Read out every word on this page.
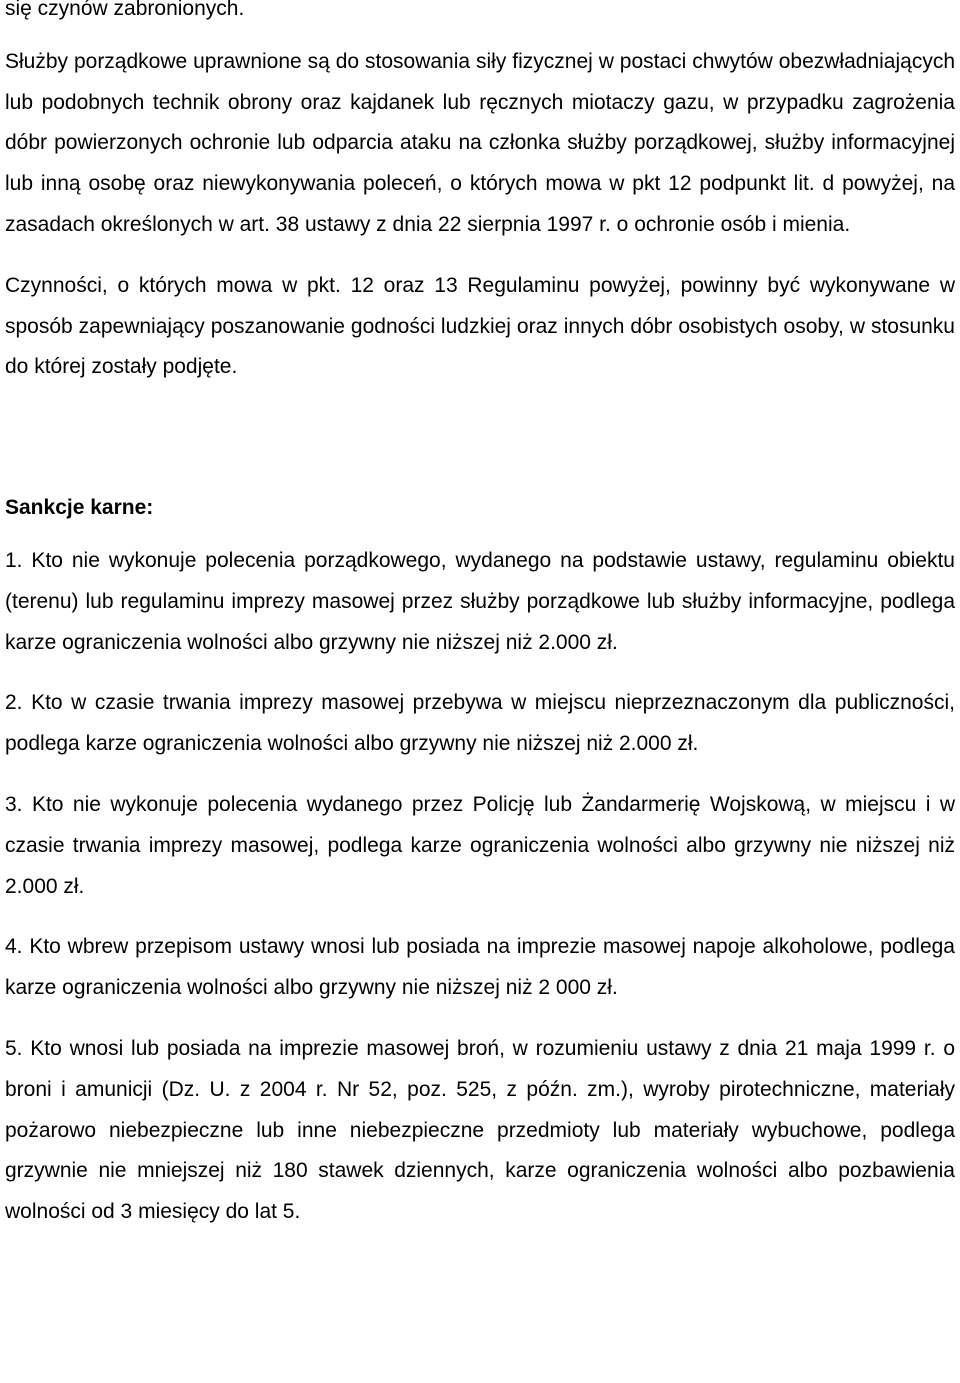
się czynów zabronionych.

Służby porządkowe uprawnione są do stosowania siły fizycznej w postaci chwytów obezwładniających lub podobnych technik obrony oraz kajdanek lub ręcznych miotaczy gazu, w przypadku zagrożenia dóbr powierzonych ochronie lub odparcia ataku na członka służby porządkowej, służby informacyjnej lub inną osobę oraz niewykonywania poleceń, o których mowa w pkt 12 podpunkt lit. d powyżej, na zasadach określonych w art. 38 ustawy z dnia 22 sierpnia 1997 r. o ochronie osób i mienia.

Czynności, o których mowa w pkt. 12 oraz 13 Regulaminu powyżej, powinny być wykonywane w sposób zapewniający poszanowanie godności ludzkiej oraz innych dóbr osobistych osoby, w stosunku do której zostały podjęte.

Sankcje karne:

1. Kto nie wykonuje polecenia porządkowego, wydanego na podstawie ustawy, regulaminu obiektu (terenu) lub regulaminu imprezy masowej przez służby porządkowe lub służby informacyjne, podlega karze ograniczenia wolności albo grzywny nie niższej niż 2.000 zł.

2. Kto w czasie trwania imprezy masowej przebywa w miejscu nieprzeznaczonym dla publiczności, podlega karze ograniczenia wolności albo grzywny nie niższej niż 2.000 zł.

3. Kto nie wykonuje polecenia wydanego przez Policję lub Żandarmerię Wojskową, w miejscu i w czasie trwania imprezy masowej, podlega karze ograniczenia wolności albo grzywny nie niższej niż 2.000 zł.

4. Kto wbrew przepisom ustawy wnosi lub posiada na imprezie masowej napoje alkoholowe, podlega karze ograniczenia wolności albo grzywny nie niższej niż 2 000 zł.

5. Kto wnosi lub posiada na imprezie masowej broń, w rozumieniu ustawy z dnia 21 maja 1999 r. o broni i amunicji (Dz. U. z 2004 r. Nr 52, poz. 525, z późn. zm.), wyroby pirotechniczne, materiały pożarowo niebezpieczne lub inne niebezpieczne przedmioty lub materiały wybuchowe, podlega grzywnie nie mniejszej niż 180 stawek dziennych, karze ograniczenia wolności albo pozbawienia wolności od 3 miesięcy do lat 5.
